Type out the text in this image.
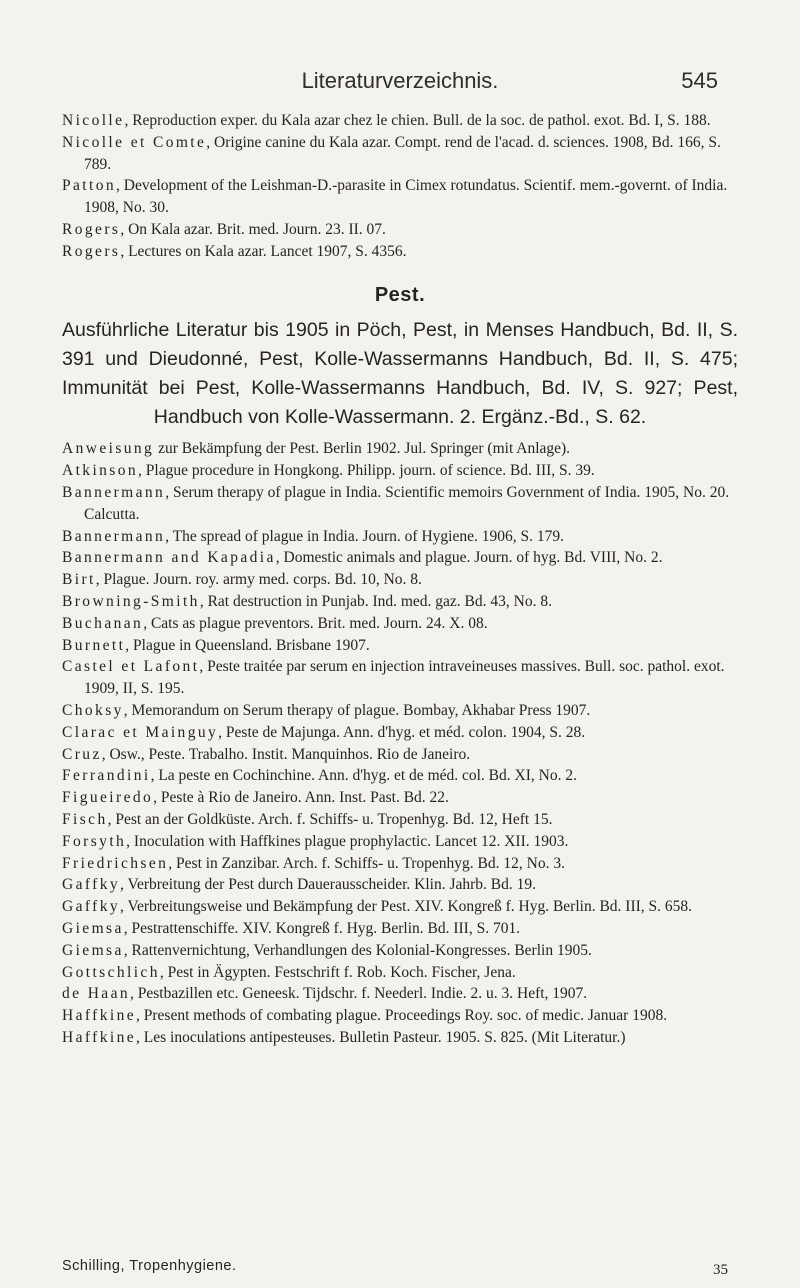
Literaturverzeichnis.	545

Nicolle, Reproduction exper. du Kala azar chez le chien. Bull. de la soc. de pathol. exot. Bd. I, S. 188.

Nicolle et Comte, Origine canine du Kala azar. Compt. rend de l'acad. d. sciences. 1908, Bd. 166, S. 789.

Patton, Development of the Leishman-D.-parasite in Cimex rotundatus. Scientif. mem.-governt. of India. 1908, No. 30.

Rogers, On Kala azar. Brit. med. Journ. 23. II. 07.

Rogers, Lectures on Kala azar. Lancet 1907, S. 4356.

Pest.

Ausführliche Literatur bis 1905 in Pöch, Pest, in Menses Handbuch, Bd. II, S. 391 und Dieudonné, Pest, Kolle-Wassermanns Handbuch, Bd. II, S. 475; Immunität bei Pest, Kolle-Wassermanns Handbuch, Bd. IV, S. 927; Pest, Handbuch von Kolle-Wassermann. 2. Ergänz.-Bd., S. 62.

Anweisung zur Bekämpfung der Pest. Berlin 1902. Jul. Springer (mit Anlage).

Atkinson, Plague procedure in Hongkong. Philipp. journ. of science. Bd. III, S. 39.

Bannermann, Serum therapy of plague in India. Scientific memoirs Government of India. 1905, No. 20. Calcutta.

Bannermann, The spread of plague in India. Journ. of Hygiene. 1906, S. 179.

Bannermann and Kapadia, Domestic animals and plague. Journ. of hyg. Bd. VIII, No. 2.

Birt, Plague. Journ. roy. army med. corps. Bd. 10, No. 8.

Browning-Smith, Rat destruction in Punjab. Ind. med. gaz. Bd. 43, No. 8.

Buchanan, Cats as plague preventors. Brit. med. Journ. 24. X. 08.

Burnett, Plague in Queensland. Brisbane 1907.

Castel et Lafont, Peste traitée par serum en injection intraveineuses massives. Bull. soc. pathol. exot. 1909, II, S. 195.

Choksy, Memorandum on Serum therapy of plague. Bombay, Akhabar Press 1907.

Clarac et Mainguy, Peste de Majunga. Ann. d'hyg. et méd. colon. 1904, S. 28.

Cruz, Osw., Peste. Trabalho. Instit. Manquinhos. Rio de Janeiro.

Ferrandini, La peste en Cochinchine. Ann. d'hyg. et de méd. col. Bd. XI, No. 2.

Figueiredo, Peste à Rio de Janeiro. Ann. Inst. Past. Bd. 22.

Fisch, Pest an der Goldküste. Arch. f. Schiffs- u. Tropenhyg. Bd. 12, Heft 15.

Forsyth, Inoculation with Haffkines plague prophylactic. Lancet 12. XII. 1903.

Friedrichsen, Pest in Zanzibar. Arch. f. Schiffs- u. Tropenhyg. Bd. 12, No. 3.

Gaffky, Verbreitung der Pest durch Dauerausscheider. Klin. Jahrb. Bd. 19.

Gaffky, Verbreitungsweise und Bekämpfung der Pest. XIV. Kongreß f. Hyg. Berlin. Bd. III, S. 658.

Giemsa, Pestrattenschiffe. XIV. Kongreß f. Hyg. Berlin. Bd. III, S. 701.

Giemsa, Rattenvernichtung, Verhandlungen des Kolonial-Kongresses. Berlin 1905.

Gottschlich, Pest in Ägypten. Festschrift f. Rob. Koch. Fischer, Jena.

de Haan, Pestbazillen etc. Geneesk. Tijdschr. f. Neederl. Indie. 2. u. 3. Heft, 1907.

Haffkine, Present methods of combating plague. Proceedings Roy. soc. of medic. Januar 1908.

Haffkine, Les inoculations antipesteuses. Bulletin Pasteur. 1905. S. 825. (Mit Literatur.)

Schilling, Tropenhygiene.	35
